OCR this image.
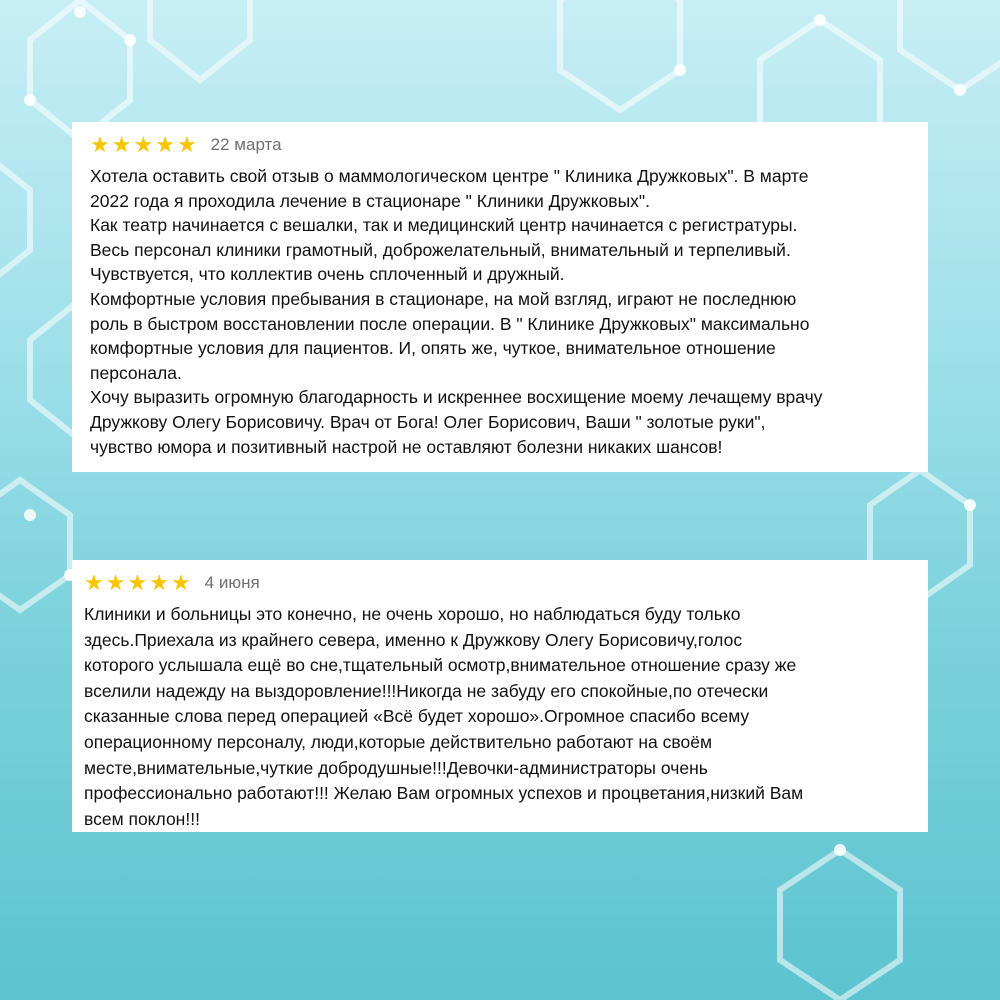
★ ★ ★ ★ ★ 22 марта
Хотела оставить свой отзыв о маммологическом центре " Клиника Дружковых". В марте
2022 года я проходила лечение в стационаре " Клиники Дружковых".
Как театр начинается с вешалки, так и медицинский центр начинается с регистратуры.
Весь персонал клиники грамотный, доброжелательный, внимательный и терпеливый.
Чувствуется, что коллектив очень сплоченный и дружный.
Комфортные условия пребывания в стационаре, на мой взгляд, играют не последнюю
роль в быстром восстановлении после операции. В " Клинике Дружковых" максимально
комфортные условия для пациентов. И, опять же, чуткое, внимательное отношение
персонала.
Хочу выразить огромную благодарность и искреннее восхищение моему лечащему врачу
Дружкову Олегу Борисовичу. Врач от Бога! Олег Борисович, Ваши " золотые руки",
чувство юмора и позитивный настрой не оставляют болезни никаких шансов!
★ ★ ★ ★ ★ 4 июня
Клиники и больницы это конечно, не очень хорошо, но наблюдаться буду только
здесь.Приехала из крайнего севера, именно к Дружкову Олегу Борисовичу,голос
которого услышала ещё во сне,тщательный осмотр,внимательное отношение сразу же
вселили надежду на выздоровление!!!Никогда не забуду его спокойные,по отечески
сказанные слова перед операцией «Всё будет хорошо».Огромное спасибо всему
операционному персоналу, люди,которые действительно работают на своём
месте,внимательные,чуткие добродушные!!!Девочки-администраторы очень
профессионально работают!!! Желаю Вам огромных успехов и процветания,низкий Вам
всем поклон!!!
